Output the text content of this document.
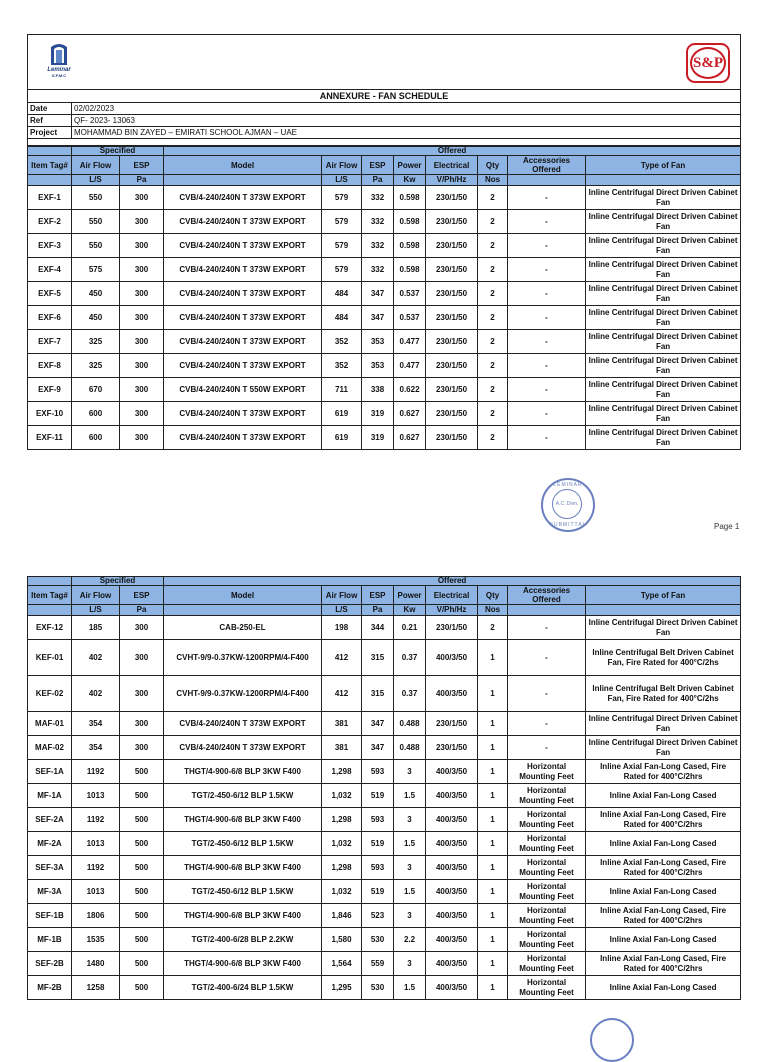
Leminar
S.P.M.C
S&P	

ANNEXURE - FAN SCHEDULE	
Date	02/02/2023
Ref	QF- 2023- 13063
Project	MOHAMMAD BIN ZAYED – EMIRATI SCHOOL AJMAN – UAE

	Specified		Offered							
Item Tag#	Air Flow	ESP	Model	Air Flow	ESP	Power	Electrical	Qty	Accessories Offered	Type of Fan
	L/S	Pa		L/S	Pa	Kw	V/Ph/Hz	Nos		
EXF-1	550	300	CVB/4-240/240N T 373W EXPORT	579	332	0.598	230/1/50	2	-	Inline Centrifugal Direct Driven Cabinet Fan
EXF-2	550	300	CVB/4-240/240N T 373W EXPORT	579	332	0.598	230/1/50	2	-	Inline Centrifugal Direct Driven Cabinet Fan
EXF-3	550	300	CVB/4-240/240N T 373W EXPORT	579	332	0.598	230/1/50	2	-	Inline Centrifugal Direct Driven Cabinet Fan
EXF-4	575	300	CVB/4-240/240N T 373W EXPORT	579	332	0.598	230/1/50	2	-	Inline Centrifugal Direct Driven Cabinet Fan
EXF-5	450	300	CVB/4-240/240N T 373W EXPORT	484	347	0.537	230/1/50	2	-	Inline Centrifugal Direct Driven Cabinet Fan
EXF-6	450	300	CVB/4-240/240N T 373W EXPORT	484	347	0.537	230/1/50	2	-	Inline Centrifugal Direct Driven Cabinet Fan
EXF-7	325	300	CVB/4-240/240N T 373W EXPORT	352	353	0.477	230/1/50	2	-	Inline Centrifugal Direct Driven Cabinet Fan
EXF-8	325	300	CVB/4-240/240N T 373W EXPORT	352	353	0.477	230/1/50	2	-	Inline Centrifugal Direct Driven Cabinet Fan
EXF-9	670	300	CVB/4-240/240N T 550W EXPORT	711	338	0.622	230/1/50	2	-	Inline Centrifugal Direct Driven Cabinet Fan
EXF-10	600	300	CVB/4-240/240N T 373W EXPORT	619	319	0.627	230/1/50	2	-	Inline Centrifugal Direct Driven Cabinet Fan
EXF-11	600	300	CVB/4-240/240N T 373W EXPORT	619	319	0.627	230/1/50	2	-	Inline Centrifugal Direct Driven Cabinet Fan
LEMINAR
A.C. Divn.
SUBMITTAL	Page 1
	Specified		Offered							
Item Tag#	Air Flow	ESP	Model	Air Flow	ESP	Power	Electrical	Qty	Accessories Offered	Type of Fan
	L/S	Pa		L/S	Pa	Kw	V/Ph/Hz	Nos		
EXF-12	185	300	CAB-250-EL	198	344	0.21	230/1/50	2	-	Inline Centrifugal Direct Driven Cabinet Fan
KEF-01	402	300	CVHT-9/9-0.37KW-1200RPM/4-F400	412	315	0.37	400/3/50	1	-	Inline Centrifugal Belt Driven Cabinet Fan, Fire Rated for 400°C/2hs
KEF-02	402	300	CVHT-9/9-0.37KW-1200RPM/4-F400	412	315	0.37	400/3/50	1	-	Inline Centrifugal Belt Driven Cabinet Fan, Fire Rated for 400°C/2hs
MAF-01	354	300	CVB/4-240/240N T 373W EXPORT	381	347	0.488	230/1/50	1	-	Inline Centrifugal Direct Driven Cabinet Fan
MAF-02	354	300	CVB/4-240/240N T 373W EXPORT	381	347	0.488	230/1/50	1	-	Inline Centrifugal Direct Driven Cabinet Fan
SEF-1A	1192	500	THGT/4-900-6/8 BLP 3KW F400	1,298	593	3	400/3/50	1	Horizontal Mounting Feet	Inline Axial Fan-Long Cased, Fire Rated for 400°C/2hrs
MF-1A	1013	500	TGT/2-450-6/12 BLP 1.5KW	1,032	519	1.5	400/3/50	1	Horizontal Mounting Feet	Inline Axial Fan-Long Cased
SEF-2A	1192	500	THGT/4-900-6/8 BLP 3KW F400	1,298	593	3	400/3/50	1	Horizontal Mounting Feet	Inline Axial Fan-Long Cased, Fire Rated for 400°C/2hrs
MF-2A	1013	500	TGT/2-450-6/12 BLP 1.5KW	1,032	519	1.5	400/3/50	1	Horizontal Mounting Feet	Inline Axial Fan-Long Cased
SEF-3A	1192	500	THGT/4-900-6/8 BLP 3KW F400	1,298	593	3	400/3/50	1	Horizontal Mounting Feet	Inline Axial Fan-Long Cased, Fire Rated for 400°C/2hrs
MF-3A	1013	500	TGT/2-450-6/12 BLP 1.5KW	1,032	519	1.5	400/3/50	1	Horizontal Mounting Feet	Inline Axial Fan-Long Cased
SEF-1B	1806	500	THGT/4-900-6/8 BLP 3KW F400	1,846	523	3	400/3/50	1	Horizontal Mounting Feet	Inline Axial Fan-Long Cased, Fire Rated for 400°C/2hrs
MF-1B	1535	500	TGT/2-400-6/28 BLP 2.2KW	1,580	530	2.2	400/3/50	1	Horizontal Mounting Feet	Inline Axial Fan-Long Cased
SEF-2B	1480	500	THGT/4-900-6/8 BLP 3KW F400	1,564	559	3	400/3/50	1	Horizontal Mounting Feet	Inline Axial Fan-Long Cased, Fire Rated for 400°C/2hrs
MF-2B	1258	500	TGT/2-400-6/24 BLP 1.5KW	1,295	530	1.5	400/3/50	1	Horizontal Mounting Feet	Inline Axial Fan-Long Cased
